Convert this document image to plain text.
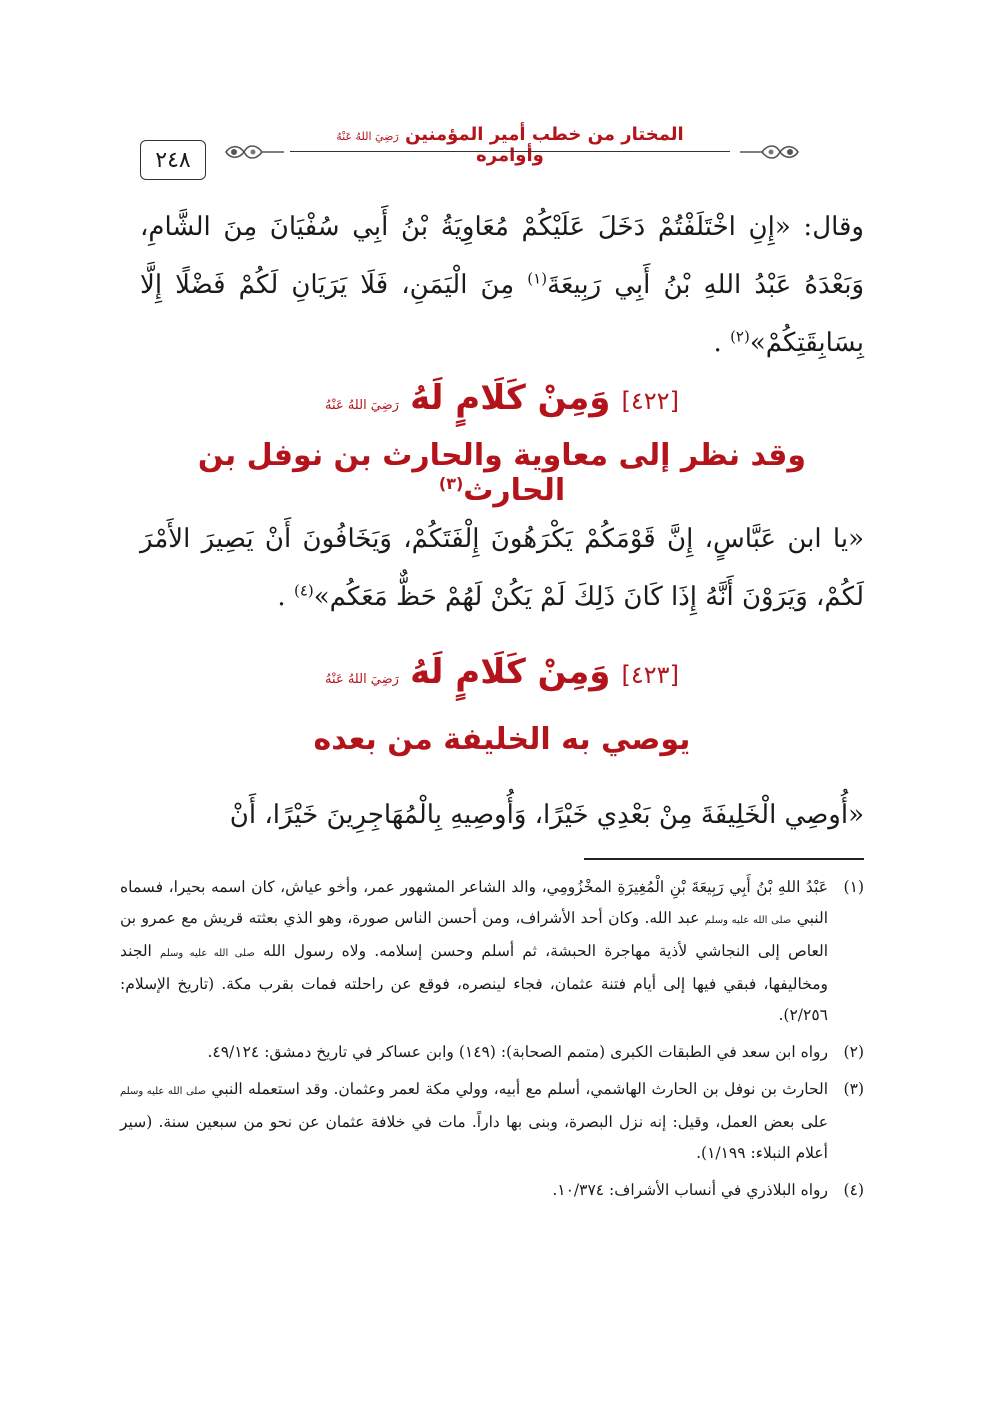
٢٤٨
المختار من خطب أمير المؤمنين رَضِيَ اللهُ عَنْهُ وأوامره
وقال: «إِنِ اخْتَلَفْتُمْ دَخَلَ عَلَيْكُمْ مُعَاوِيَةُ بْنُ أَبِي سُفْيَانَ مِنَ الشَّامِ، وَبَعْدَهُ عَبْدُ اللهِ بْنُ أَبِي رَبِيعَةَ$^{(١)}$ مِنَ الْيَمَنِ، فَلَا يَرَيَانِ لَكُمْ فَضْلًا إِلَّا بِسَابِقَتِكُمْ»$^{(٢)}$ .
[٤٢٢] وَمِنْ كَلَامٍ لَهُ رَضِيَ اللهُ عَنْهُ
وقد نظر إلى معاوية والحارث بن نوفل بن الحارث$^{(٣)}$
«يا ابن عَبَّاسٍ، إِنَّ قَوْمَكُمْ يَكْرَهُونَ إِلْفَتَكُمْ، وَيَخَافُونَ أَنْ يَصِيرَ الأَمْرَ لَكُمْ، وَيَرَوْنَ أَنَّهُ إِذَا كَانَ ذَلِكَ لَمْ يَكُنْ لَهُمْ حَظٌّ مَعَكُم»$^{(٤)}$ .
[٤٢٣] وَمِنْ كَلَامٍ لَهُ رَضِيَ اللهُ عَنْهُ
يوصي به الخليفة من بعده
«أُوصِي الْخَلِيفَةَ مِنْ بَعْدِي خَيْرًا، وَأُوصِيهِ بِالْمُهَاجِرِينَ خَيْرًا، أَنْ
(١)
عَبْدُ اللهِ بْنُ أَبِي رَبِيعَةَ بْنِ الْمُغِيرَةِ المخْزُومِي، والد الشاعر المشهور عمر، وأخو عياش، كان اسمه بحيرا، فسماه النبي صلى الله عليه وسلم عبد الله. وكان أحد الأشراف، ومن أحسن الناس صورة، وهو الذي بعثته قريش مع عمرو بن العاص إلى النجاشي لأذية مهاجرة الحبشة، ثم أسلم وحسن إسلامه. ولاه رسول الله صلى الله عليه وسلم الجند ومخاليفها، فبقي فيها إلى أيام فتنة عثمان، فجاء لينصره، فوقع عن راحلته فمات بقرب مكة. (تاريخ الإسلام: ٢/٢٥٦).
(٢)
رواه ابن سعد في الطبقات الكبرى (متمم الصحابة): (١٤٩) وابن عساكر في تاريخ دمشق: ٤٩/١٢٤.
(٣)
الحارث بن نوفل بن الحارث الهاشمي، أسلم مع أبيه، وولي مكة لعمر وعثمان. وقد استعمله النبي صلى الله عليه وسلم على بعض العمل، وقيل: إنه نزل البصرة، وبنى بها داراً. مات في خلافة عثمان عن نحو من سبعين سنة. (سير أعلام النبلاء: ١/١٩٩).
(٤)
رواه البلاذري في أنساب الأشراف: ١٠/٣٧٤.
